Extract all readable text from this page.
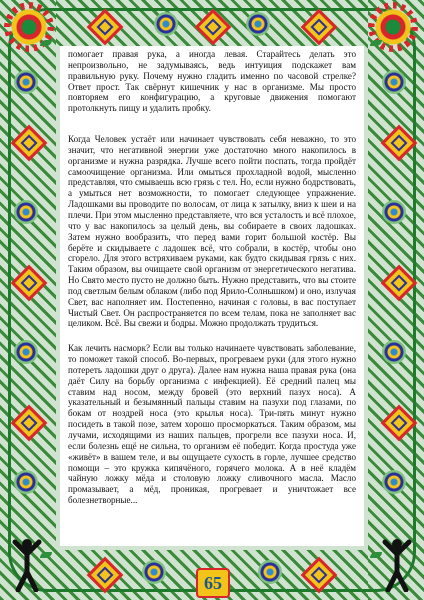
помогает правая рука, а иногда левая. Старайтесь делать это непроизвольно, не задумываясь, ведь интуиция подскажет вам правильную руку. Почему нужно гладить именно по часовой стрелке? Ответ прост. Так свёрнут кишечник у нас в организме. Мы просто повторяем его конфигурацию, а круговые движения помогают протолкнуть пищу и удалить пробку.

Когда Человек устаёт или начинает чувствовать себя неважно, то это значит, что негативной энергии уже достаточно много накопилось в организме и нужна разрядка. Лучше всего пойти поспать, тогда пройдёт самоочищение организма. Или омыться прохладной водой, мысленно представляя, что смываешь всю грязь с тел. Но, если нужно бодрствовать, а умыться нет возможности, то помогает следующее упражнение. Ладошками вы проводите по волосам, от лица к затылку, вниз к шеи и на плечи. При этом мысленно представляете, что вся усталость и всё плохое, что у вас накопилось за целый день, вы собираете в своих ладошках. Затем нужно вообразить, что перед вами горит большой костёр. Вы берёте и скидываете с ладошек всё, что собрали, в костёр, чтобы оно сгорело. Для этого встряхиваем руками, как будто скидывая грязь с них. Таким образом, вы очищаете свой организм от энергетического негатива. Но Свято место пусто не должно быть. Нужно представить, что вы стоите под светлым белым облаком (либо под Ярило-Солнышком) и оно, излучая Свет, вас наполняет им. Постепенно, начиная с головы, в вас поступает Чистый Свет. Он распространяется по всем телам, пока не заполняет вас целиком. Всё. Вы свежи и бодры. Можно продолжать трудиться.

Как лечить насморк? Если вы только начинаете чувствовать заболевание, то поможет такой способ. Во-первых, прогреваем руки (для этого нужно потереть ладошки друг о друга). Далее нам нужна наша правая рука (она даёт Силу на борьбу организма с инфекцией). Её средний палец мы ставим над носом, между бровей (это верхний пазух носа). А указательный и безымянный пальцы ставим на пазухи под глазами, по бокам от ноздрей носа (это крылья носа). Три-пять минут нужно посидеть в такой позе, затем хорошо просморкаться. Таким образом, мы лучами, исходящими из наших пальцев, прогрели все пазухи носа. И, если болезнь ещё не сильна, то организм её победит. Когда простуда уже «живёт» в вашем теле, и вы ощущаете сухость в горле, лучшее средство помощи – это кружка кипячёного, горячего молока. А в неё кладём чайную ложку мёда и столовую ложку сливочного масла. Масло промазывает, а мёд, проникая, прогревает и уничтожает все болезнетворные...

65
